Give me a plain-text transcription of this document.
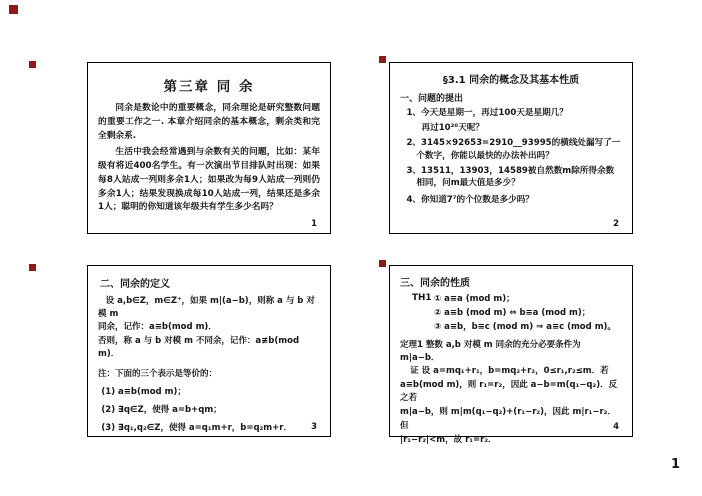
第三章 同 余
同余是数论中的重要概念，同余理论是研究整数问题的重要工作之一. 本章介绍同余的基本概念，剩余类和完全剩余系.
生活中我会经常遇到与余数有关的问题，比如：某年级有将近400名学生。有一次演出节目排队时出现：如果每8人站成一列则多余1人；如果改为每9人站成一列则仍多余1人；结果发现换成每10人站成一列，结果还是多余1人；聪明的你知道该年级共有学生多少名吗？
1
§3.1 同余的概念及其基本性质
一、问题的提出
1、今天是星期一，再过100天是星期几？
再过10²⁰天呢？
2、3145×92653=2910__93995的横线处漏写了一个数字，你能以最快的办法补出吗？
3、13511，13903，14589被自然数m除所得余数相同，问m最大值是多少？
4、你知道7⁷的个位数是多少吗？
2
二、同余的定义
设 a,b∈Z，m∈Z⁺，如果 m|(a−b)，则称 a 与 b 对模 m
同余，记作：a≡b(mod m)．
否则，称 a 与 b 对模 m 不同余，记作：a≢b(mod m)．
注：下面的三个表示是等价的：
(1) a≡b(mod m)；
(2) ∃q∈Z，使得 a=b+qm；
(3) ∃q₁,q₂∈Z，使得 a=q₁m+r，b=q₂m+r．	3
三、同余的性质
TH1 ① a≡a (mod m)；
② a≡b (mod m) ⇔ b≡a (mod m)；
③ a≡b，b≡c (mod m) ⇒ a≡c (mod m)。
定理1 整数 a,b 对模 m 同余的充分必要条件为 m|a−b．
证 设 a=mq₁+r₁，b=mq₂+r₂，0≤r₁,r₂≤m．若
a≡b(mod m)，则 r₁=r₂，因此 a−b=m(q₁−q₂)．反之若
m|a−b，则 m|m(q₁−q₂)+(r₁−r₂)，因此 m|r₁−r₂．但
|r₁−r₂|<m，故 r₁=r₂．
4
1
